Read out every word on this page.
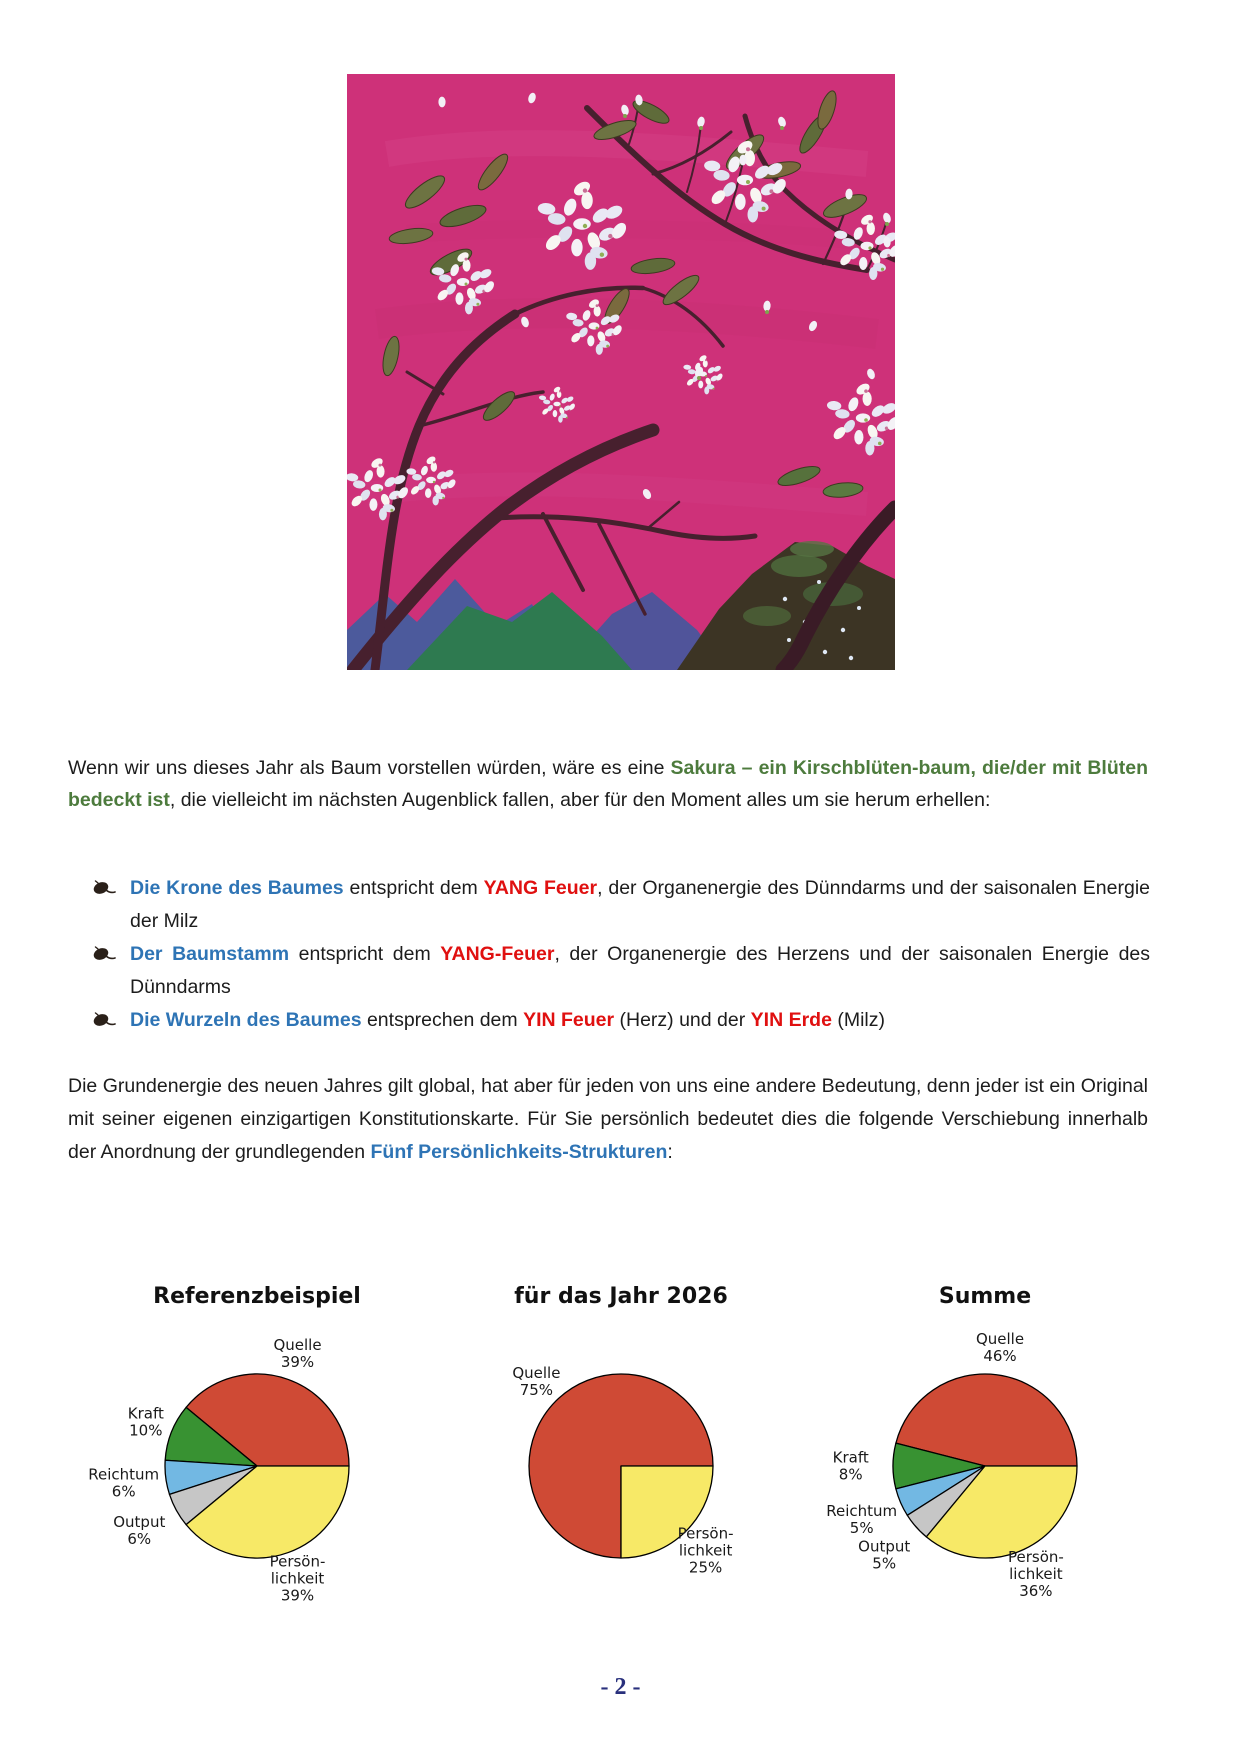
Wenn wir uns dieses Jahr als Baum vorstellen würden, wäre es eine Sakura – ein Kirschblüten-baum, die/der mit Blüten bedeckt ist, die vielleicht im nächsten Augenblick fallen, aber für den Moment alles um sie herum erhellen:

Die Krone des Baumes entspricht dem YANG Feuer, der Organenergie des Dünndarms und der saisonalen Energie der Milz
Der Baumstamm entspricht dem YANG-Feuer, der Organenergie des Herzens und der saisonalen Energie des Dünndarms
Die Wurzeln des Baumes entsprechen dem YIN Feuer (Herz) und der YIN Erde (Milz)

Die Grundenergie des neuen Jahres gilt global, hat aber für jeden von uns eine andere Bedeutung, denn jeder ist ein Original mit seiner eigenen einzigartigen Konstitutionskarte. Für Sie persönlich bedeutet dies die folgende Verschiebung innerhalb der Anordnung der grundlegenden Fünf Persönlichkeits-Strukturen:

Referenzbeispiel
Quelle 39%
Kraft 10%
Reichtum 6%
Output 6%
Persön-lichkeit 39%
für das Jahr 2026
Quelle 75%
Persön-lichkeit 25%
Summe
Quelle 46%
Kraft 8%
Reichtum 5%
Output 5%	Persön-lichkeit 36%
- 2 -
